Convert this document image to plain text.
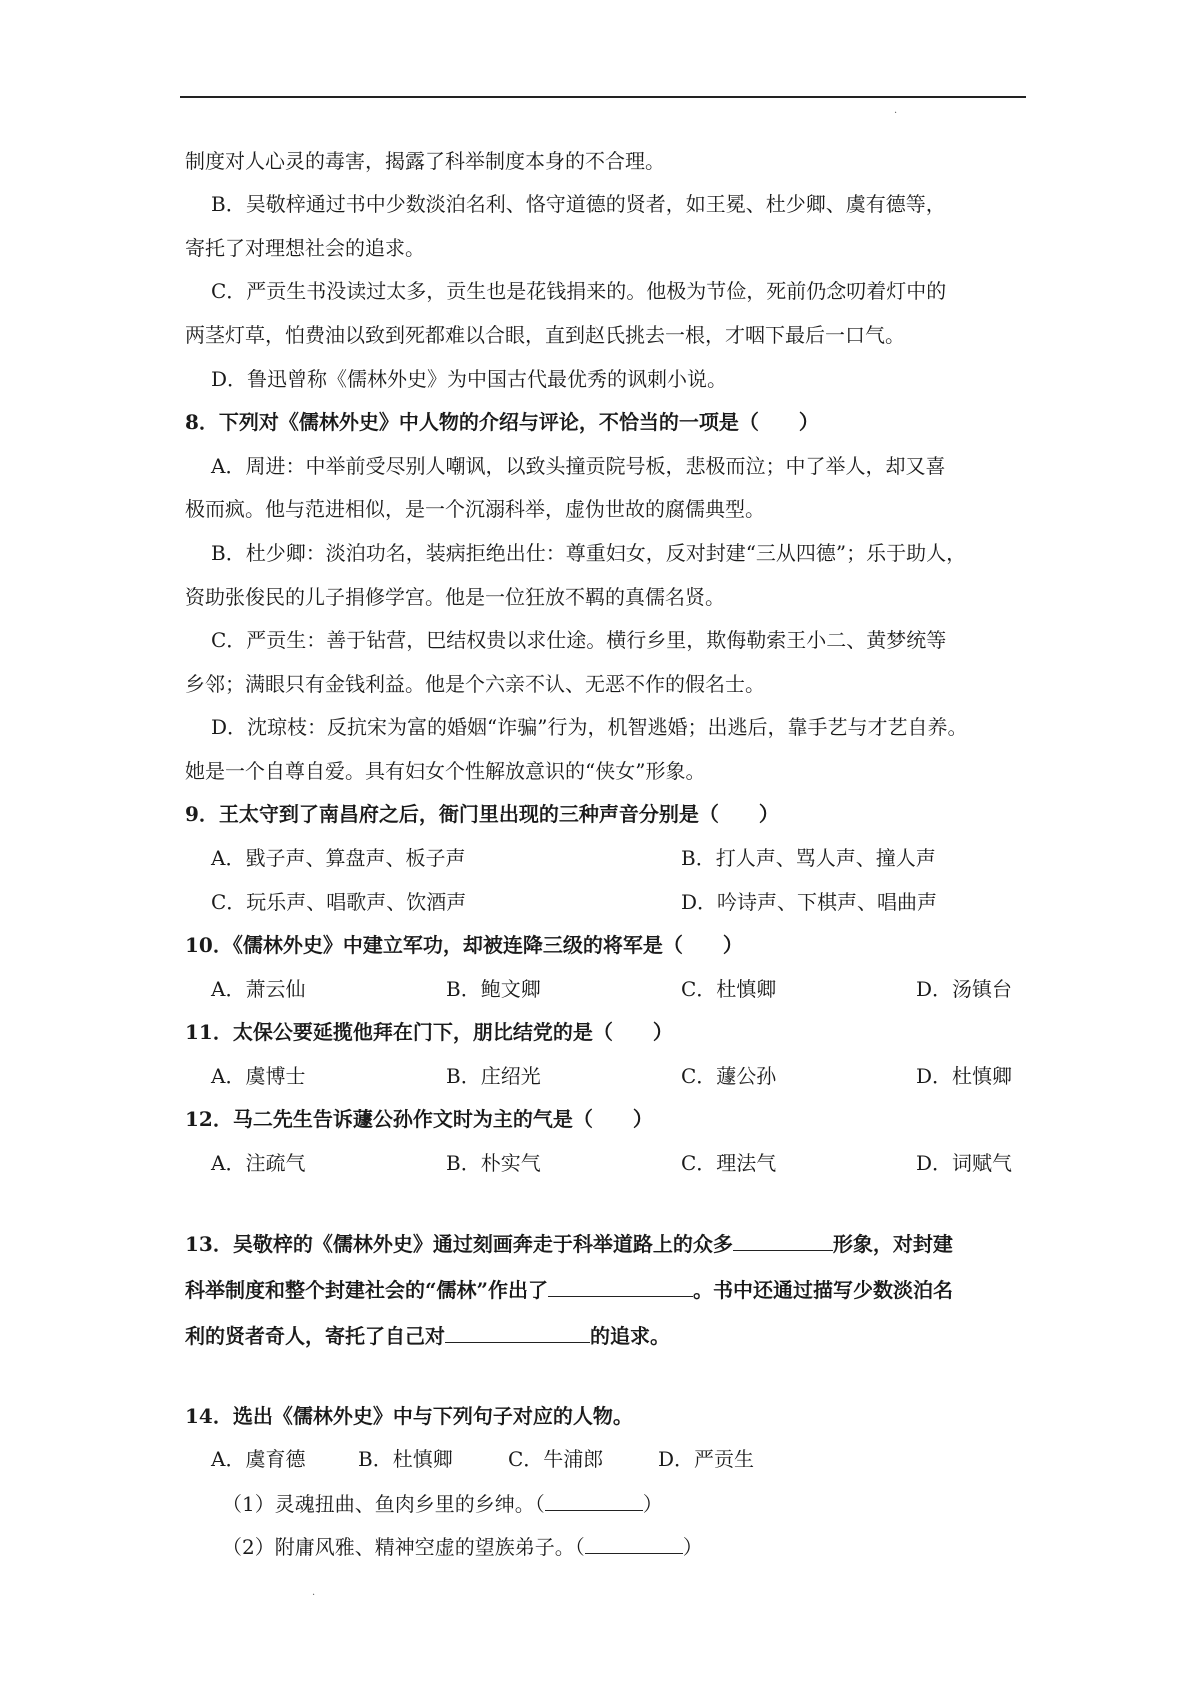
·
制度对人心灵的毒害，揭露了科举制度本身的不合理。
B．吴敬梓通过书中少数淡泊名利、恪守道德的贤者，如王冕、杜少卿、虞有德等，
寄托了对理想社会的追求。
C．严贡生书没读过太多，贡生也是花钱捐来的。他极为节俭，死前仍念叨着灯中的
两茎灯草，怕费油以致到死都难以合眼，直到赵氏挑去一根，才咽下最后一口气。
D．鲁迅曾称《儒林外史》为中国古代最优秀的讽刺小说。
8．下列对《儒林外史》中人物的介绍与评论，不恰当的一项是（　　）
A．周进：中举前受尽别人嘲讽，以致头撞贡院号板，悲极而泣；中了举人，却又喜
极而疯。他与范进相似，是一个沉溺科举，虚伪世故的腐儒典型。
B．杜少卿：淡泊功名，装病拒绝出仕：尊重妇女，反对封建“三从四德”；乐于助人，
资助张俊民的儿子捐修学宫。他是一位狂放不羁的真儒名贤。
C．严贡生：善于钻营，巴结权贵以求仕途。横行乡里，欺侮勒索王小二、黄梦统等
乡邻；满眼只有金钱利益。他是个六亲不认、无恶不作的假名士。
D．沈琼枝：反抗宋为富的婚姻“诈骗”行为，机智逃婚；出逃后，靠手艺与才艺自养。
她是一个自尊自爱。具有妇女个性解放意识的“侠女”形象。
9．王太守到了南昌府之后，衙门里出现的三种声音分别是（　　）
A．戥子声、算盘声、板子声	B．打人声、骂人声、撞人声
C．玩乐声、唱歌声、饮酒声	D．吟诗声、下棋声、唱曲声
10．《儒林外史》中建立军功，却被连降三级的将军是（　　）
A．萧云仙	B．鲍文卿	C．杜慎卿	D．汤镇台
11．太保公要延揽他拜在门下，朋比结党的是（　　）
A．虞博士	B．庄绍光	C．蘧公孙	D．杜慎卿
12．马二先生告诉蘧公孙作文时为主的气是（　　）
A．注疏气	B．朴实气	C．理法气	D．词赋气
13．吴敬梓的《儒林外史》通过刻画奔走于科举道路上的众多	形象，对封建
科举制度和整个封建社会的“儒林”作出了	。书中还通过描写少数淡泊名
利的贤者奇人，寄托了自己对	的追求。
14．选出《儒林外史》中与下列句子对应的人物。
A．虞育德	B．杜慎卿	C．牛浦郎	D．严贡生
（1）灵魂扭曲、鱼肉乡里的乡绅。（	）
（2）附庸风雅、精神空虚的望族弟子。（	）
·
